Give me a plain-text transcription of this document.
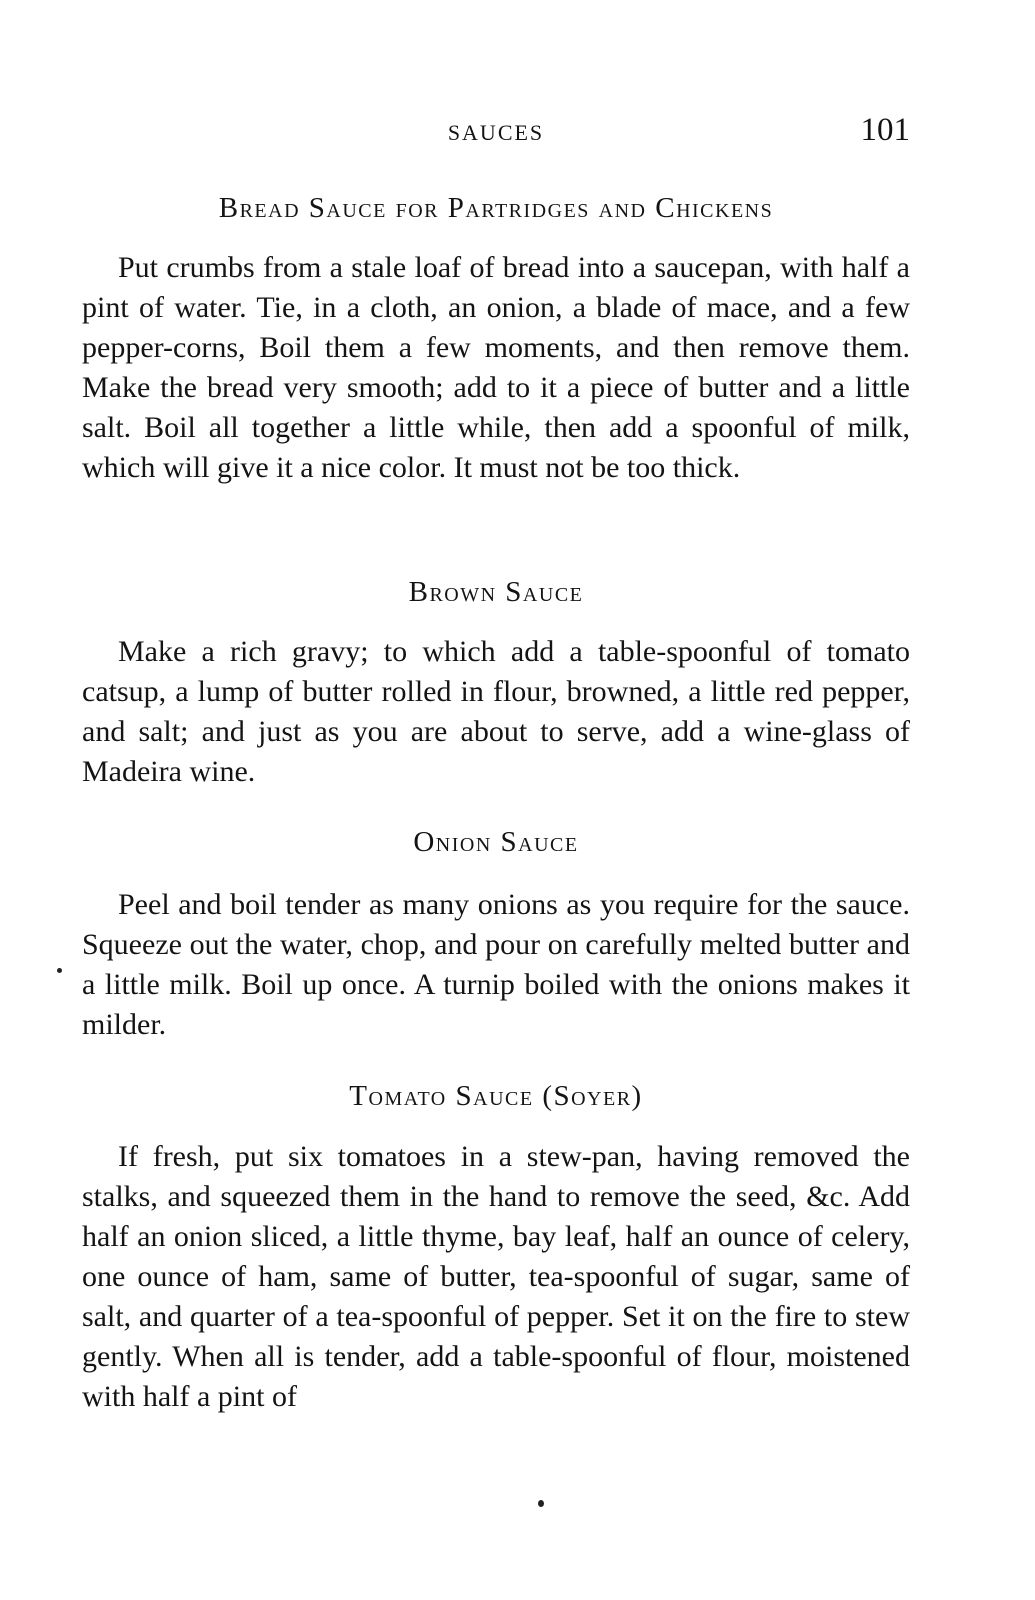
SAUCES	101
Bread Sauce for Partridges and Chickens

Put crumbs from a stale loaf of bread into a saucepan, with half a pint of water. Tie, in a cloth, an onion, a blade of mace, and a few pepper-corns, Boil them a few moments, and then remove them. Make the bread very smooth; add to it a piece of butter and a little salt. Boil all together a little while, then add a spoonful of milk, which will give it a nice color. It must not be too thick.

Brown Sauce

Make a rich gravy; to which add a table-spoonful of tomato catsup, a lump of butter rolled in flour, browned, a little red pepper, and salt; and just as you are about to serve, add a wine-glass of Madeira wine.

Onion Sauce

Peel and boil tender as many onions as you require for the sauce. Squeeze out the water, chop, and pour on carefully melted butter and a little milk. Boil up once. A turnip boiled with the onions makes it milder.

Tomato Sauce (Soyer)

If fresh, put six tomatoes in a stew-pan, having removed the stalks, and squeezed them in the hand to remove the seed, &c. Add half an onion sliced, a little thyme, bay leaf, half an ounce of celery, one ounce of ham, same of butter, tea-spoonful of sugar, same of salt, and quarter of a tea-spoonful of pepper. Set it on the fire to stew gently. When all is tender, add a table-spoonful of flour, moistened with half a pint of
